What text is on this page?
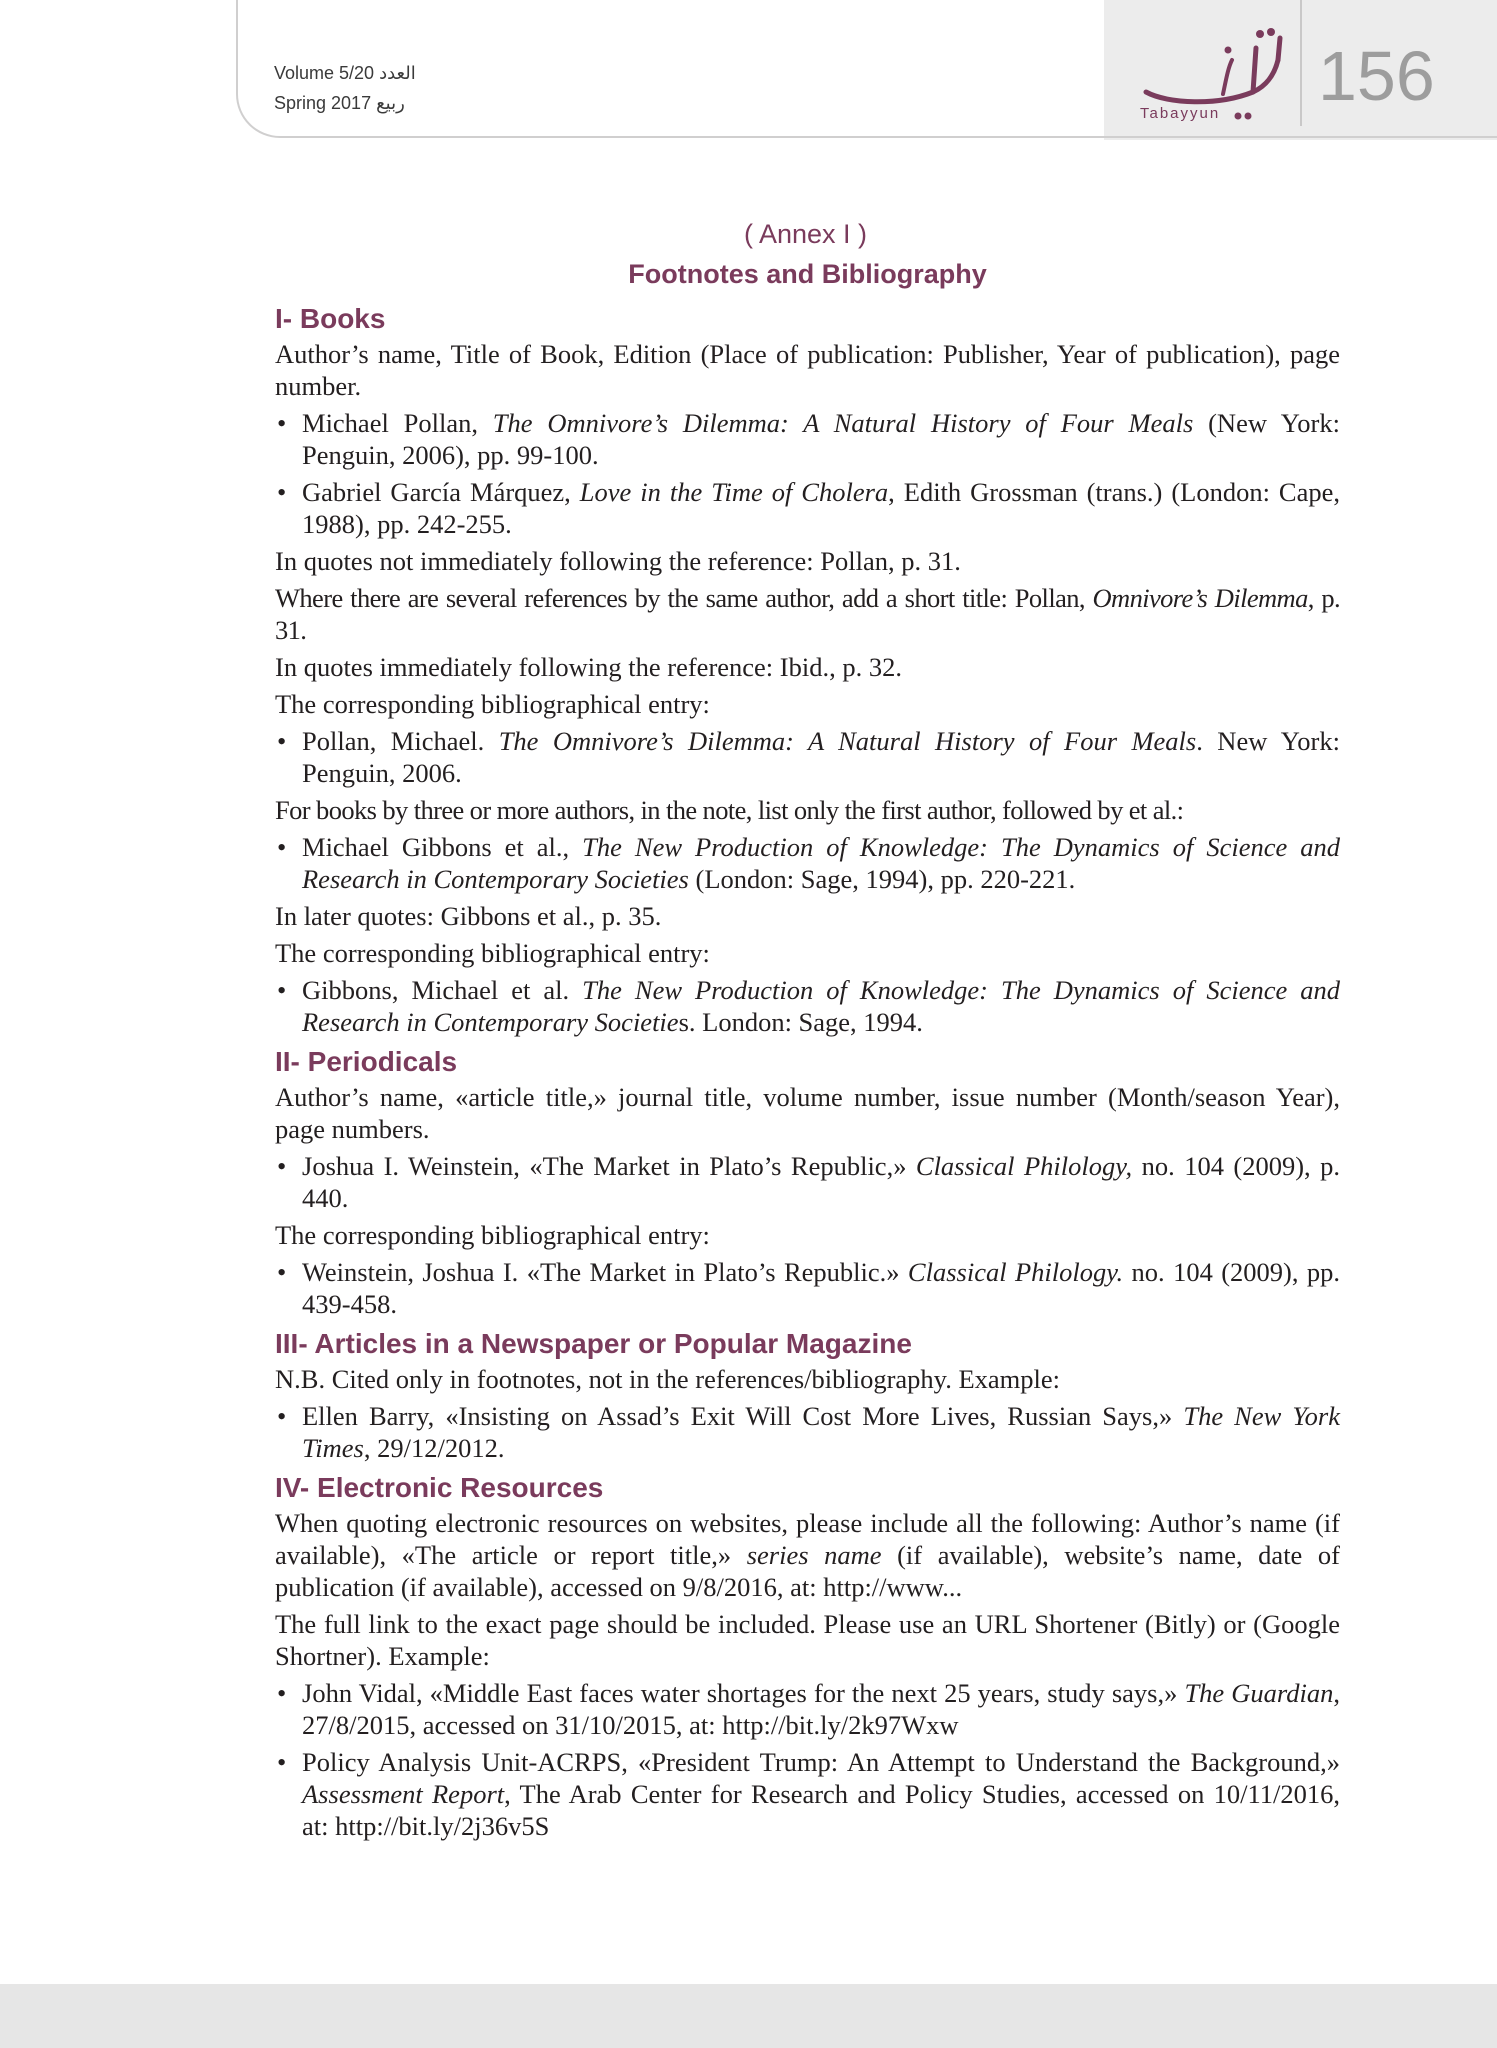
Volume 5/20 العدد
Spring 2017 ربيع
Tabayyun 156
( Annex I )
Footnotes and Bibliography
I- Books

Author’s name, Title of Book, Edition (Place of publication: Publisher, Year of publication), page number.

• Michael Pollan, The Omnivore’s Dilemma: A Natural History of Four Meals (New York: Penguin, 2006), pp. 99-100.
• Gabriel García Márquez, Love in the Time of Cholera, Edith Grossman (trans.) (London: Cape, 1988), pp. 242-255.

In quotes not immediately following the reference: Pollan, p. 31.

Where there are several references by the same author, add a short title: Pollan, Omnivore’s Dilemma, p. 31.

In quotes immediately following the reference: Ibid., p. 32.

The corresponding bibliographical entry:

• Pollan, Michael. The Omnivore’s Dilemma: A Natural History of Four Meals. New York: Penguin, 2006.

For books by three or more authors, in the note, list only the first author, followed by et al.:

• Michael Gibbons et al., The New Production of Knowledge: The Dynamics of Science and Research in Contemporary Societies (London: Sage, 1994), pp. 220-221.

In later quotes: Gibbons et al., p. 35.

The corresponding bibliographical entry:

• Gibbons, Michael et al. The New Production of Knowledge: The Dynamics of Science and Research in Contemporary Societies. London: Sage, 1994.
II- Periodicals

Author’s name, «article title,» journal title, volume number, issue number (Month/season Year), page numbers.

• Joshua I. Weinstein, «The Market in Plato’s Republic,» Classical Philology, no. 104 (2009), p. 440.

The corresponding bibliographical entry:

• Weinstein, Joshua I. «The Market in Plato’s Republic.» Classical Philology. no. 104 (2009), pp. 439-458.
III- Articles in a Newspaper or Popular Magazine

N.B. Cited only in footnotes, not in the references/bibliography. Example:

• Ellen Barry, «Insisting on Assad’s Exit Will Cost More Lives, Russian Says,» The New York Times, 29/12/2012.
IV- Electronic Resources

When quoting electronic resources on websites, please include all the following: Author’s name (if available), «The article or report title,» series name (if available), website’s name, date of publication (if available), accessed on 9/8/2016, at: http://www...

The full link to the exact page should be included. Please use an URL Shortener (Bitly) or (Google Shortner). Example:

• John Vidal, «Middle East faces water shortages for the next 25 years, study says,» The Guardian, 27/8/2015, accessed on 31/10/2015, at: http://bit.ly/2k97Wxw
• Policy Analysis Unit-ACRPS, «President Trump: An Attempt to Understand the Background,» Assessment Report, The Arab Center for Research and Policy Studies, accessed on 10/11/2016, at: http://bit.ly/2j36v5S
